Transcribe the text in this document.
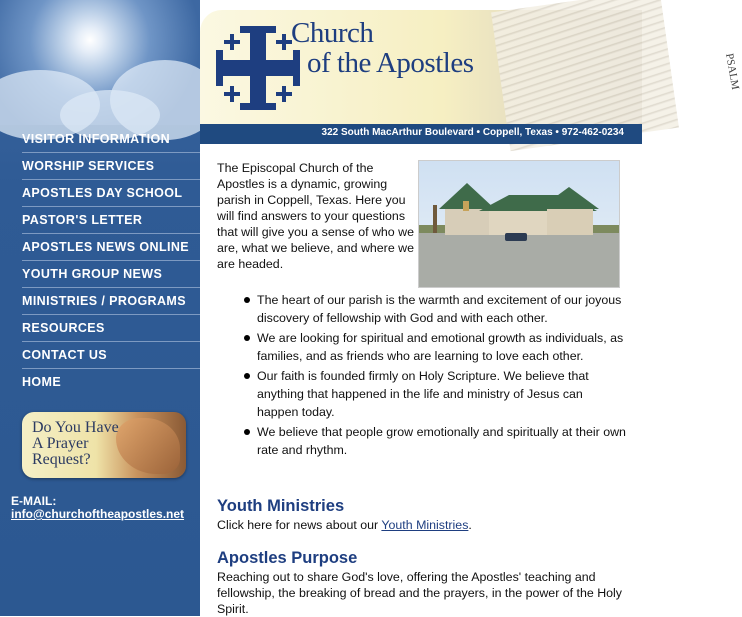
VISITOR INFORMATION
WORSHIP SERVICES
APOSTLES DAY SCHOOL
PASTOR'S LETTER
APOSTLES NEWS ONLINE
YOUTH GROUP NEWS
MINISTRIES / PROGRAMS
RESOURCES
CONTACT US
HOME
Do You Have
A Prayer
Request?
E-MAIL:
info@churchoftheapostles.net
PSALM
Church
of the Apostles
322 South MacArthur Boulevard • Coppell, Texas • 972-462-0234
The Episcopal Church of the Apostles is a dynamic, growing parish in Coppell, Texas. Here you will find answers to your questions that will give you a sense of who we are, what we believe, and where we are headed.
The heart of our parish is the warmth and excitement of our joyous discovery of fellowship with God and with each other.
We are looking for spiritual and emotional growth as individuals, as families, and as friends who are learning to love each other.
Our faith is founded firmly on Holy Scripture. We believe that anything that happened in the life and ministry of Jesus can happen today.
We believe that people grow emotionally and spiritually at their own rate and rhythm.
Youth Ministries
Click here for news about our Youth Ministries.
Apostles Purpose
Reaching out to share God's love, offering the Apostles' teaching and fellowship, the breaking of bread and the prayers, in the power of the Holy Spirit.
